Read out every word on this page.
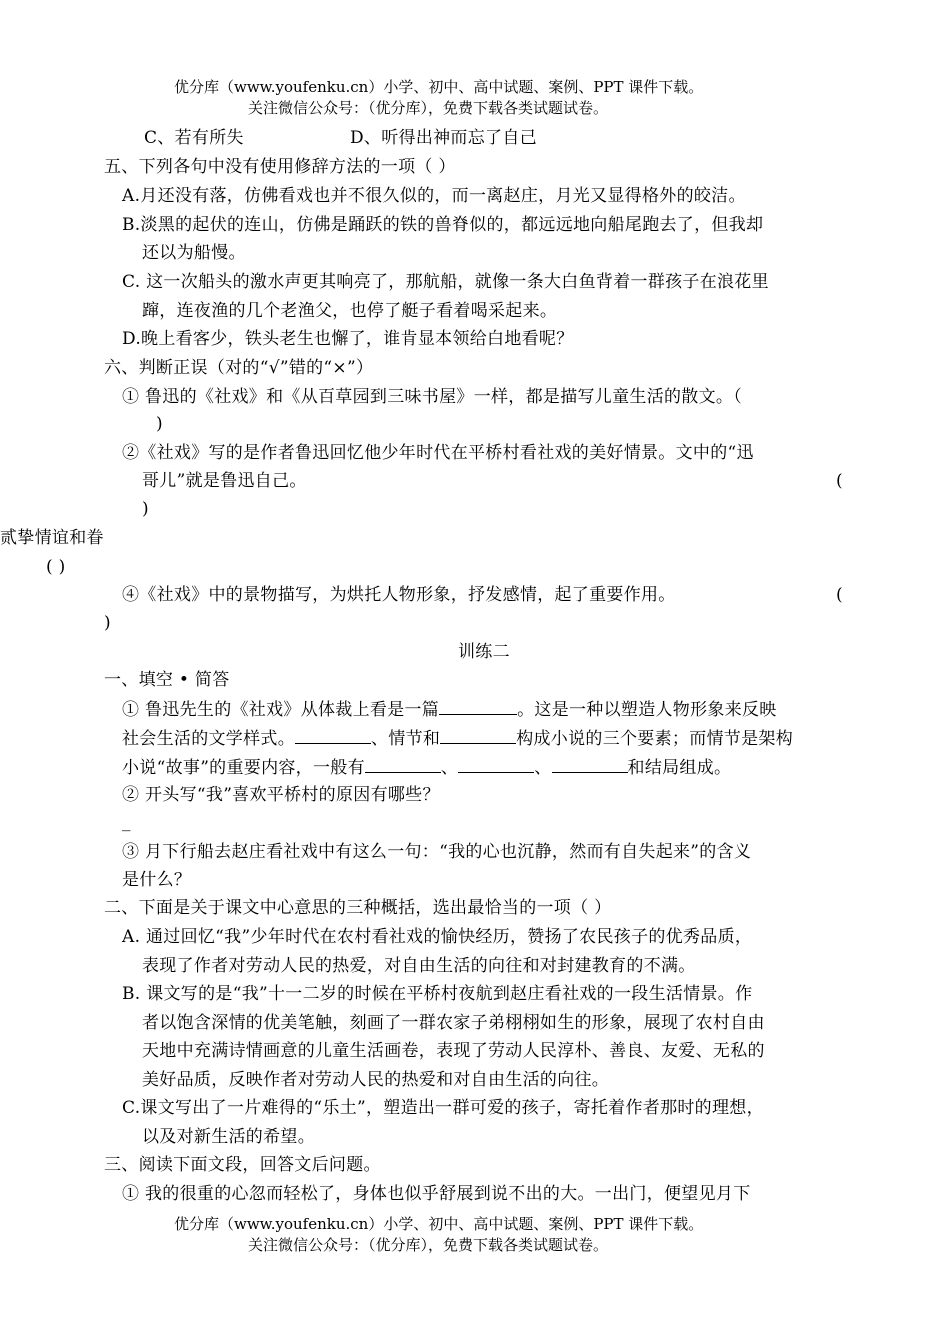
优分库（www.youfenku.cn）小学、初中、高中试题、案例、PPT 课件下载。
关注微信公众号：（优分库），免费下载各类试题试卷。
C、若有所失	D、听得出神而忘了自己
五、下列各句中没有使用修辞方法的一项（ ）
A.月还没有落，仿佛看戏也并不很久似的，而一离赵庄，月光又显得格外的皎洁。
B.淡黑的起伏的连山，仿佛是踊跃的铁的兽脊似的，都远远地向船尾跑去了，但我却
还以为船慢。
C. 这一次船头的激水声更其响亮了，那航船，就像一条大白鱼背着一群孩子在浪花里
蹿，连夜渔的几个老渔父，也停了艇子看着喝采起来。
D.晚上看客少，铁头老生也懈了，谁肯显本领给白地看呢？
六、判断正误（对的“√”错的“×”）
① 鲁迅的《社戏》和《从百草园到三味书屋》一样，都是描写儿童生活的散文。（
)
②《社戏》写的是作者鲁迅回忆他少年时代在平桥村看社戏的美好情景。文中的“迅
哥儿”就是鲁迅自己。	(
)
贰挚情谊和眷
( )
④《社戏》中的景物描写，为烘托人物形象，抒发感情，起了重要作用。	(
)
训练二
一、填空 • 简答
① 鲁迅先生的《社戏》从体裁上看是一篇	。这是一种以塑造人物形象来反映
社会生活的文学样式。	、情节和	构成小说的三个要素；而情节是架构
小说“故事”的重要内容，一般有	、	、	和结局组成。
② 开头写“我”喜欢平桥村的原因有哪些？
_
③ 月下行船去赵庄看社戏中有这么一句：“我的心也沉静，然而有自失起来”的含义
是什么？
二、下面是关于课文中心意思的三种概括，选出最恰当的一项（ ）
A. 通过回忆“我”少年时代在农村看社戏的愉快经历，赞扬了农民孩子的优秀品质，
表现了作者对劳动人民的热爱，对自由生活的向往和对封建教育的不满。
B. 课文写的是“我”十一二岁的时候在平桥村夜航到赵庄看社戏的一段生活情景。作
者以饱含深情的优美笔触，刻画了一群农家子弟栩栩如生的形象，展现了农村自由
天地中充满诗情画意的儿童生活画卷，表现了劳动人民淳朴、善良、友爱、无私的
美好品质，反映作者对劳动人民的热爱和对自由生活的向往。
C.课文写出了一片难得的“乐土”，塑造出一群可爱的孩子，寄托着作者那时的理想，
以及对新生活的希望。
三、阅读下面文段，回答文后问题。
① 我的很重的心忽而轻松了，身体也似乎舒展到说不出的大。一出门，便望见月下
优分库（www.youfenku.cn）小学、初中、高中试题、案例、PPT 课件下载。
关注微信公众号：（优分库），免费下载各类试题试卷。
